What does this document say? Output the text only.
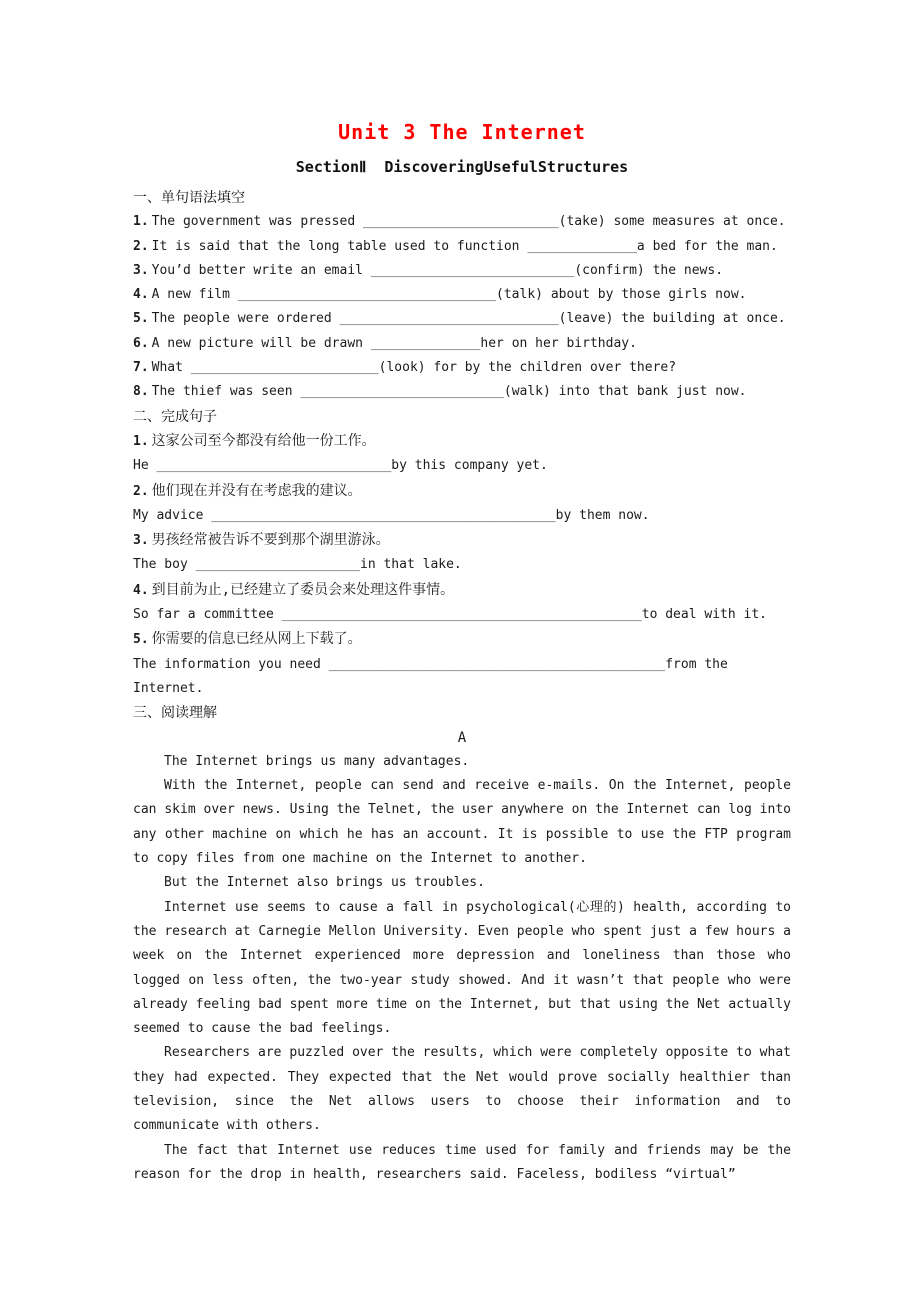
Unit 3 The Internet
SectionⅡ DiscoveringUsefulStructures
一、单句语法填空
1. The government was pressed _________________________(take) some measures at once.
2. It is said that the long table used to function ______________a bed for the man.
3. You’d better write an email __________________________(confirm) the news.
4. A new film _________________________________(talk) about by those girls now.
5. The people were ordered ____________________________(leave) the building at once.
6. A new picture will be drawn ______________her on her birthday.
7. What ________________________(look) for by the children over there?
8. The thief was seen __________________________(walk) into that bank just now.
二、完成句子
1. 这家公司至今都没有给他一份工作。
He ______________________________by this company yet.
2. 他们现在并没有在考虑我的建议。
My advice ____________________________________________by them now.
3. 男孩经常被告诉不要到那个湖里游泳。
The boy _____________________in that lake.
4. 到目前为止,已经建立了委员会来处理这件事情。
So far a committee ______________________________________________to deal with it.
5. 你需要的信息已经从网上下载了。
The information you need ___________________________________________from the Internet.
三、阅读理解
A

The Internet brings us many advantages.

With the Internet, people can send and receive e-mails. On the Internet, people can skim over news. Using the Telnet, the user anywhere on the Internet can log into any other machine on which he has an account. It is possible to use the FTP program to copy files from one machine on the Internet to another.

But the Internet also brings us troubles.

Internet use seems to cause a fall in psychological(心理的) health, according to the research at Carnegie Mellon University. Even people who spent just a few hours a week on the Internet experienced more depression and loneliness than those who logged on less often, the two-year study showed. And it wasn’t that people who were already feeling bad spent more time on the Internet, but that using the Net actually seemed to cause the bad feelings.

Researchers are puzzled over the results, which were completely opposite to what they had expected. They expected that the Net would prove socially healthier than television, since the Net allows users to choose their information and to communicate with others.

The fact that Internet use reduces time used for family and friends may be the reason for the drop in health, researchers said. Faceless, bodiless “virtual”
